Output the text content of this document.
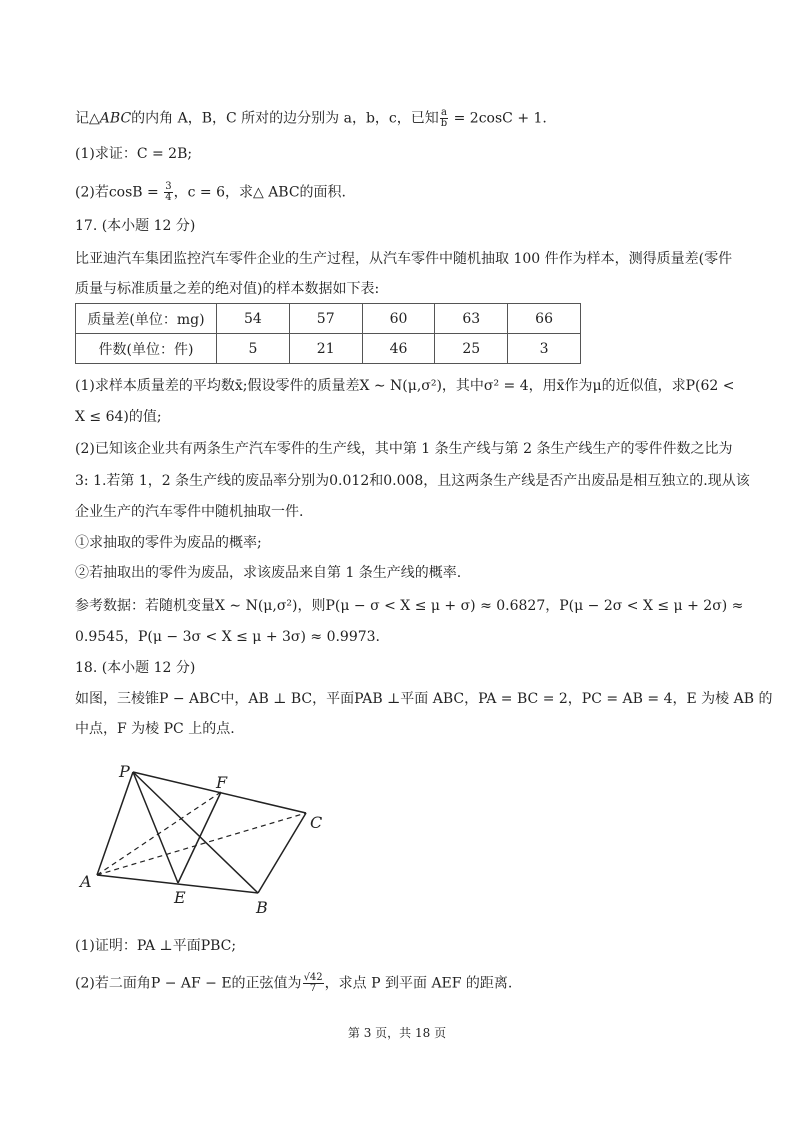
记△ABC的内角 A，B，C 所对的边分别为 a，b，c，已知 $\frac{a}{b} = 2\cos C + 1$.
(1)求证：C = 2B;
(2)若$\cos B = \frac{3}{4}$ ，c = 6，求△ ABC的面积.
17. (本小题 12 分)
比亚迪汽车集团监控汽车零件企业的生产过程，从汽车零件中随机抽取 100 件作为样本，测得质量差(零件
质量与标准质量之差的绝对值)的样本数据如下表:
质量差(单位：mg)	54	57	60	63	66
件数(单位：件)	5	21	46	25	3
(1)求样本质量差的平均数x̄;假设零件的质量差X ∼ N(μ,σ²)，其中σ² = 4，用x̄作为μ的近似值，求P(62 <
X ≤ 64)的值;
(2)已知该企业共有两条生产汽车零件的生产线，其中第 1 条生产线与第 2 条生产线生产的零件件数之比为
3: 1.若第 1，2 条生产线的废品率分别为0.012和0.008，且这两条生产线是否产出废品是相互独立的.现从该
企业生产的汽车零件中随机抽取一件.
①求抽取的零件为废品的概率;
②若抽取出的零件为废品，求该废品来自第 1 条生产线的概率.
参考数据：若随机变量X ∼ N(μ,σ²)，则P(μ − σ < X ≤ μ + σ) ≈ 0.6827，P(μ − 2σ < X ≤ μ + 2σ) ≈
0.9545，P(μ − 3σ < X ≤ μ + 3σ) ≈ 0.9973.
18. (本小题 12 分)
如图，三棱锥P − ABC中，AB ⊥ BC，平面PAB ⊥平面 ABC，PA = BC = 2，PC = AB = 4，E 为棱 AB 的
中点，F 为棱 PC 上的点.
P
F
C
A
E
B
(1)证明：PA ⊥平面PBC;
(2)若二面角P − AF − E的正弦值为 $\frac{√42}{7}$ ，求点 P 到平面 AEF 的距离.
第 3 页，共 18 页
